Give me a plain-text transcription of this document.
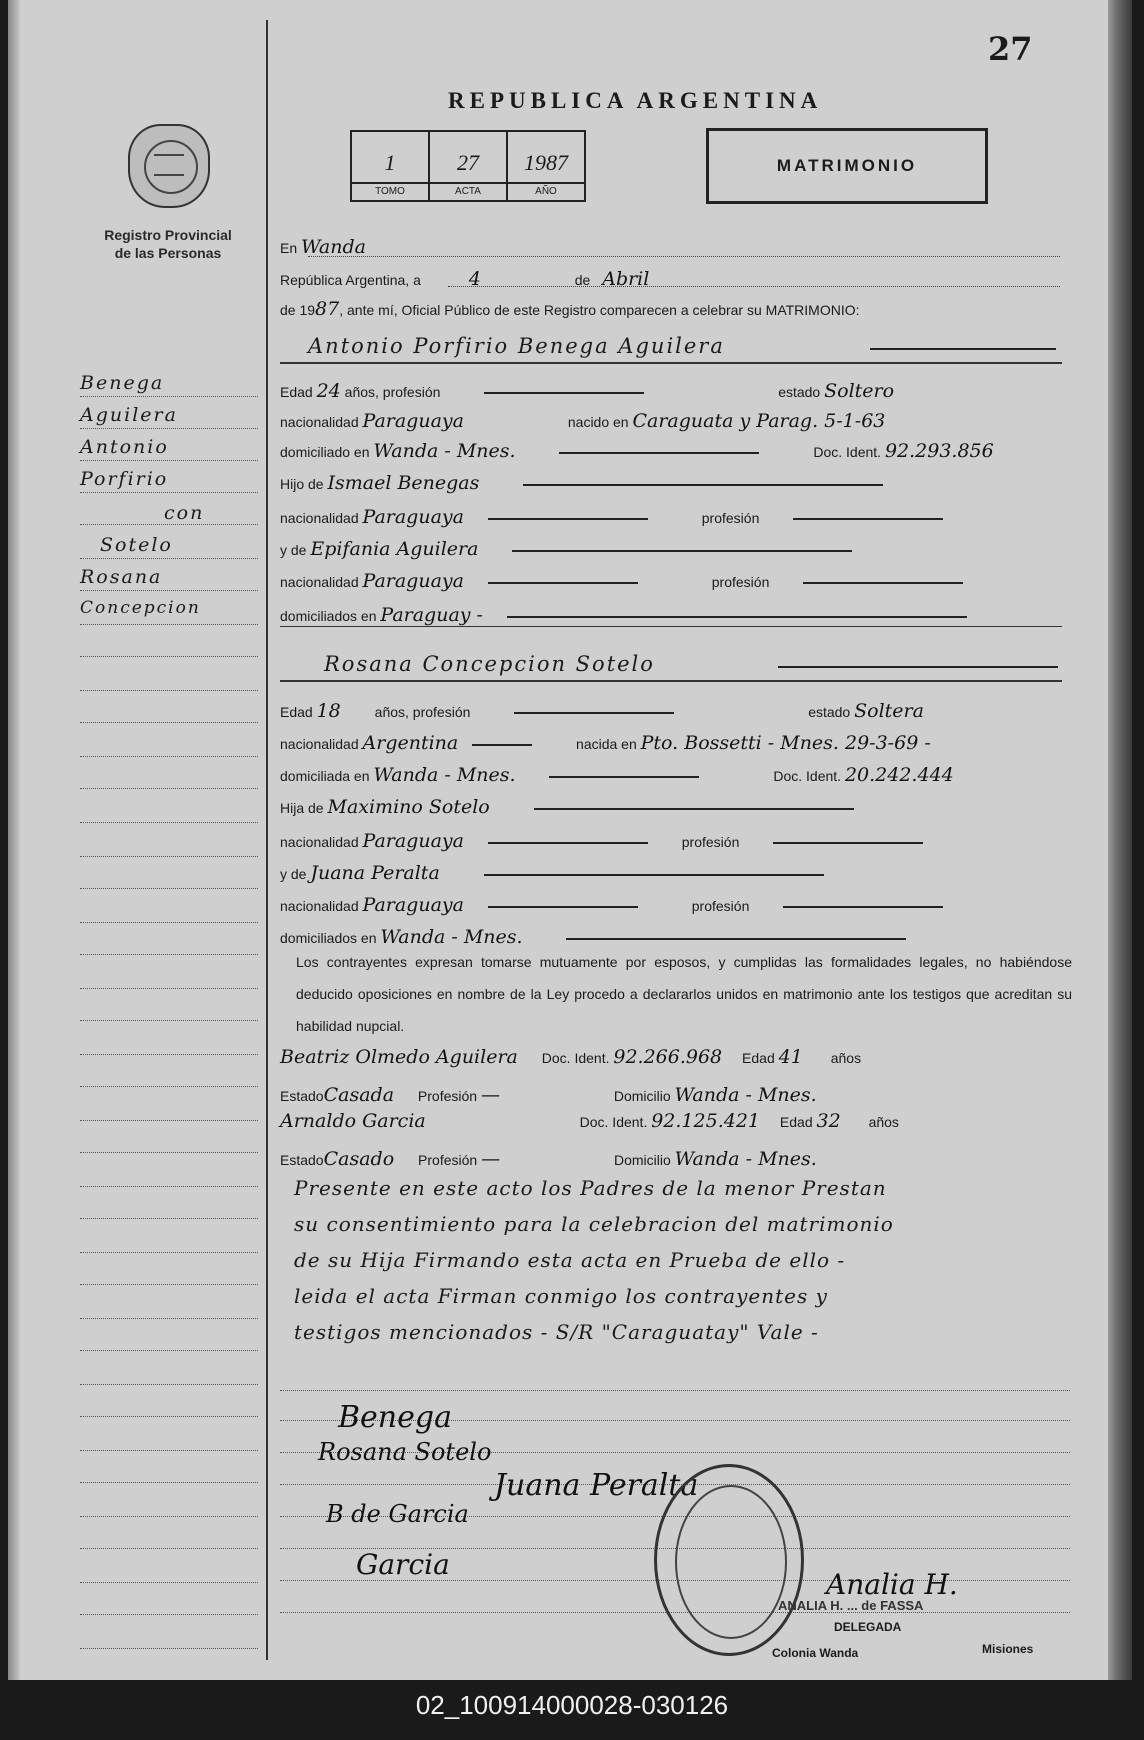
27
REPUBLICA ARGENTINA
Registro Provincial
de las Personas
1
TOMO
27
ACTA
1987
AÑO
MATRIMONIO
En Wanda
República Argentina, a	4	de Abril
de 1987, ante mí, Oficial Público de este Registro comparecen a celebrar su MATRIMONIO:
Antonio Porfirio Benega Aguilera
Edad 24 años, profesión	estado Soltero
nacionalidad Paraguaya	nacido en Caraguata y Parag. 5-1-63
domiciliado en Wanda - Mnes.	Doc. Ident. 92.293.856
Hijo de Ismael Benegas
nacionalidad Paraguaya	profesión
y de Epifania Aguilera
nacionalidad Paraguaya	profesión
domiciliados en Paraguay -
Rosana Concepcion Sotelo
Edad 18 años, profesión	estado Soltera
nacionalidad Argentina	nacida en Pto. Bossetti - Mnes. 29-3-69 -
domiciliada en Wanda - Mnes.	Doc. Ident. 20.242.444
Hija de Maximino Sotelo
nacionalidad Paraguaya	profesión
y de Juana Peralta
nacionalidad Paraguaya	profesión
domiciliados en Wanda - Mnes.
Los contrayentes expresan tomarse mutuamente por esposos, y cumplidas las formalidades legales, no habiéndose deducido oposiciones en nombre de la Ley procedo a declararlos unidos en matrimonio ante los testigos que acreditan su habilidad nupcial.
Beatriz Olmedo Aguilera Doc. Ident. 92.266.968 Edad 41 años
EstadoCasada Profesión —	Domicilio Wanda - Mnes.
Arnaldo Garcia	Doc. Ident. 92.125.421 Edad 32 años
EstadoCasado Profesión —	Domicilio Wanda - Mnes.
Presente en este acto los Padres de la menor Prestan
su consentimiento para la celebracion del matrimonio
de su Hija Firmando esta acta en Prueba de ello -
leida el acta Firman conmigo los contrayentes y
testigos mencionados - S/R "Caraguatay" Vale -
Benega
Rosana Sotelo
Juana Peralta
B de Garcia
Garcia
Analia H.
ANALIA H. ... de FASSA
DELEGADA
Colonia Wanda	Misiones
Benega
Aguilera
Antonio
Porfirio
con
Sotelo
Rosana
Concepcion
02_100914000028-030126
